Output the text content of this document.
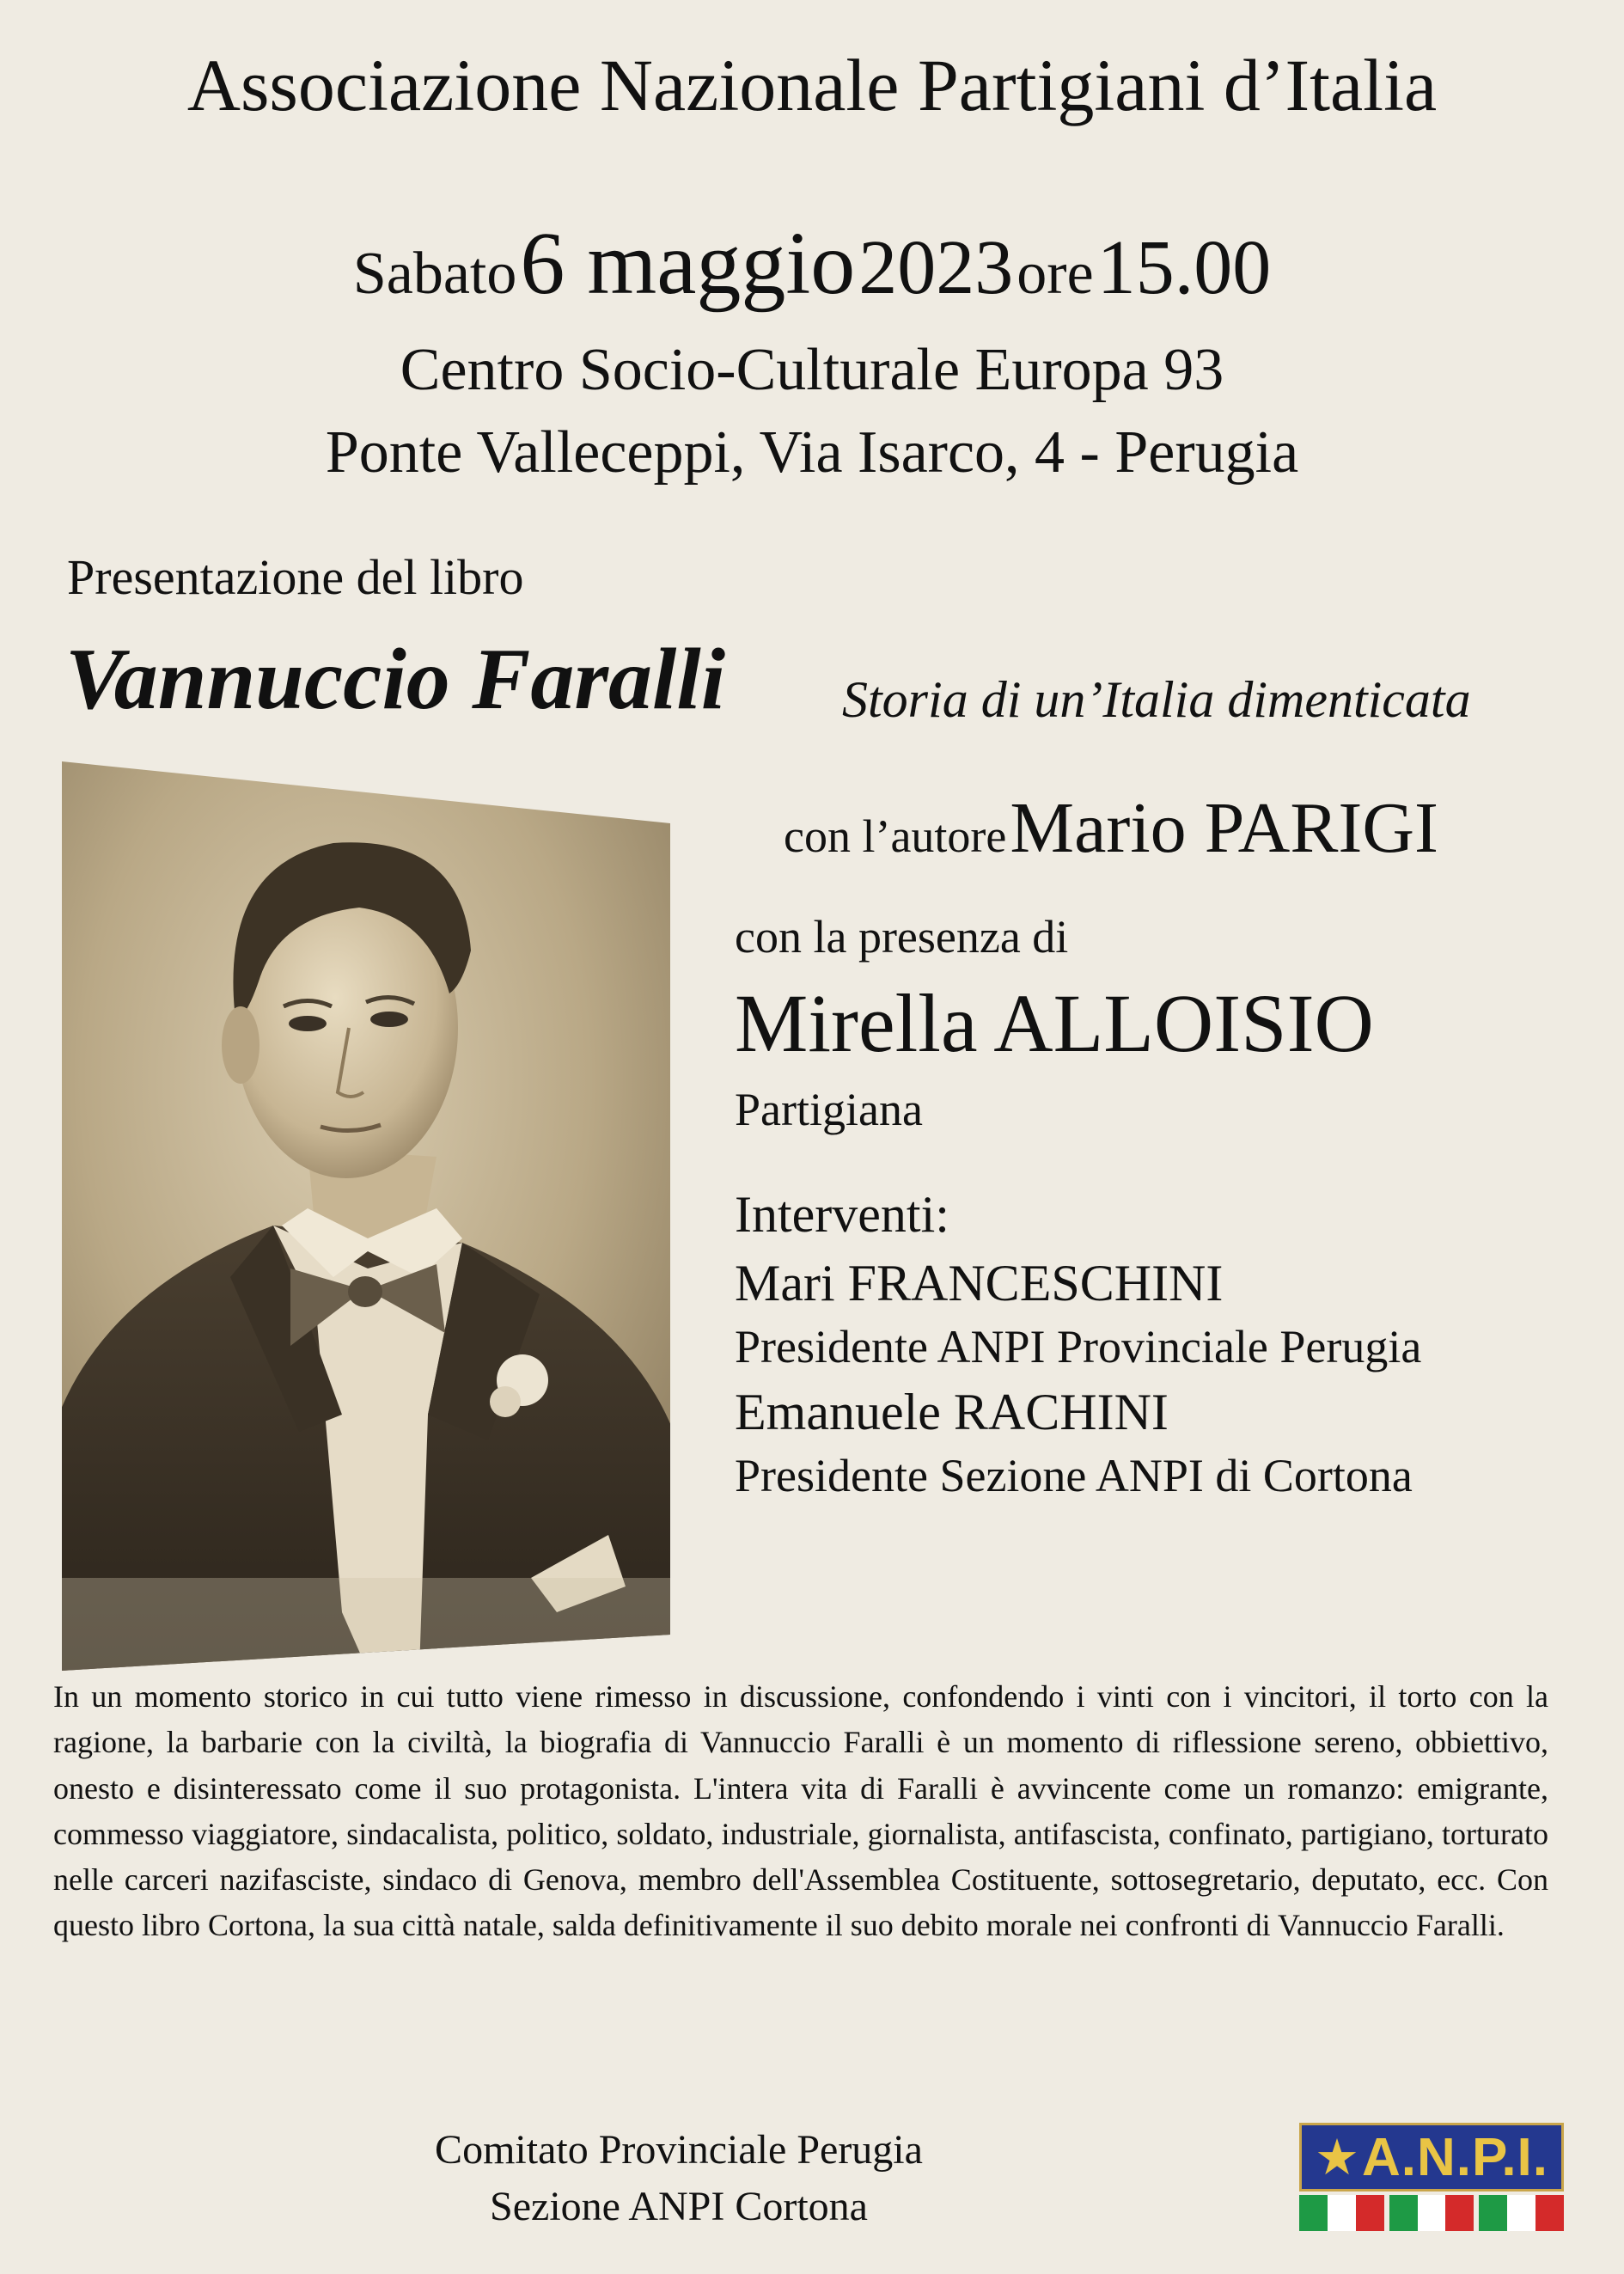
Associazione Nazionale Partigiani d’Italia
Sabato 6 maggio 2023 ore 15.00
Centro Socio-Culturale Europa 93
Ponte Valleceppi, Via Isarco, 4 - Perugia
Presentazione del libro
Vannuccio Faralli Storia di un’Italia dimenticata
con l’autore Mario PARIGI
con la presenza di
Mirella ALLOISIO
Partigiana
Interventi:
Mari FRANCESCHINI
Presidente ANPI Provinciale Perugia
Emanuele RACHINI
Presidente Sezione ANPI di Cortona
In un momento storico in cui tutto viene rimesso in discussione, confondendo i vinti con i vincitori, il torto con la ragione, la barbarie con la civiltà, la biografia di Vannuccio Faralli è un momento di riflessione sereno, obbiettivo, onesto e disinteressato come il suo protagonista. L'intera vita di Faralli è avvincente come un romanzo: emigrante, commesso viaggiatore, sindacalista, politico, soldato, industriale, giornalista, antifascista, confinato, partigiano, torturato nelle carceri nazifasciste, sindaco di Genova, membro dell'Assemblea Costituente, sottosegretario, deputato, ecc. Con questo libro Cortona, la sua città natale, salda definitivamente il suo debito morale nei confronti di Vannuccio Faralli.
Comitato Provinciale Perugia
Sezione ANPI Cortona
★ A.N.P.I.
